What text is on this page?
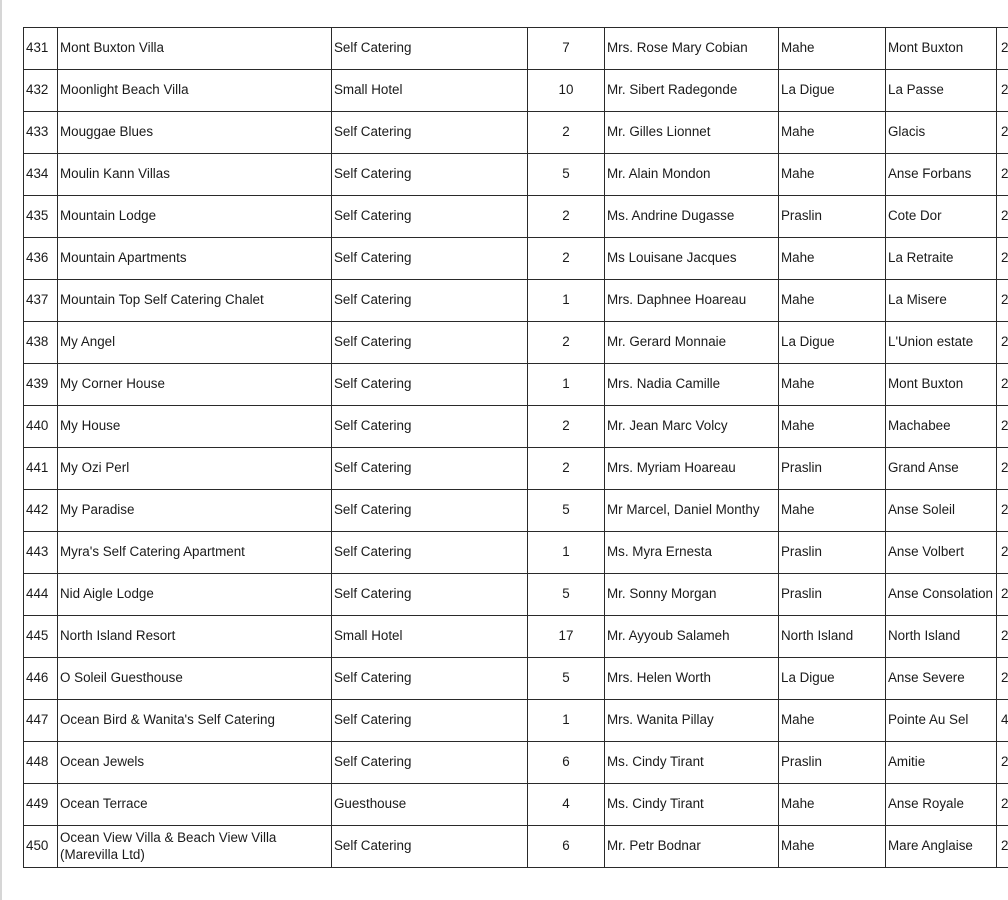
431	Mont Buxton Villa	Self Catering	7	Mrs. Rose Mary Cobian	Mahe	Mont Buxton	2
432	Moonlight Beach Villa	Small Hotel	10	Mr. Sibert Radegonde	La Digue	La Passe	2
433	Mouggae Blues	Self Catering	2	Mr. Gilles Lionnet	Mahe	Glacis	2
434	Moulin Kann Villas	Self Catering	5	Mr. Alain Mondon	Mahe	Anse Forbans	2
435	Mountain Lodge	Self Catering	2	Ms. Andrine Dugasse	Praslin	Cote Dor	2
436	Mountain Apartments	Self Catering	2	Ms Louisane Jacques	Mahe	La Retraite	2
437	Mountain Top Self Catering Chalet	Self Catering	1	Mrs. Daphnee Hoareau	Mahe	La Misere	2
438	My Angel	Self Catering	2	Mr. Gerard Monnaie	La Digue	L'Union estate	2
439	My Corner House	Self Catering	1	Mrs. Nadia Camille	Mahe	Mont Buxton	2
440	My House	Self Catering	2	Mr. Jean Marc Volcy	Mahe	Machabee	2
441	My Ozi Perl	Self Catering	2	Mrs. Myriam Hoareau	Praslin	Grand Anse	2
442	My Paradise	Self Catering	5	Mr Marcel, Daniel Monthy	Mahe	Anse Soleil	2
443	Myra's Self Catering Apartment	Self Catering	1	Ms. Myra Ernesta	Praslin	Anse Volbert	2
444	Nid Aigle Lodge	Self Catering	5	Mr. Sonny Morgan	Praslin	Anse Consolation	2
445	North Island Resort	Small Hotel	17	Mr. Ayyoub Salameh	North Island	North Island	2
446	O Soleil Guesthouse	Self Catering	5	Mrs. Helen Worth	La Digue	Anse Severe	2
447	Ocean Bird & Wanita's Self Catering	Self Catering	1	Mrs. Wanita Pillay	Mahe	Pointe Au Sel	4
448	Ocean Jewels	Self Catering	6	Ms. Cindy Tirant	Praslin	Amitie	2
449	Ocean Terrace	Guesthouse	4	Ms. Cindy Tirant	Mahe	Anse Royale	2
450	Ocean View Villa & Beach View Villa (Marevilla Ltd)	Self Catering	6	Mr. Petr Bodnar	Mahe	Mare Anglaise	2
